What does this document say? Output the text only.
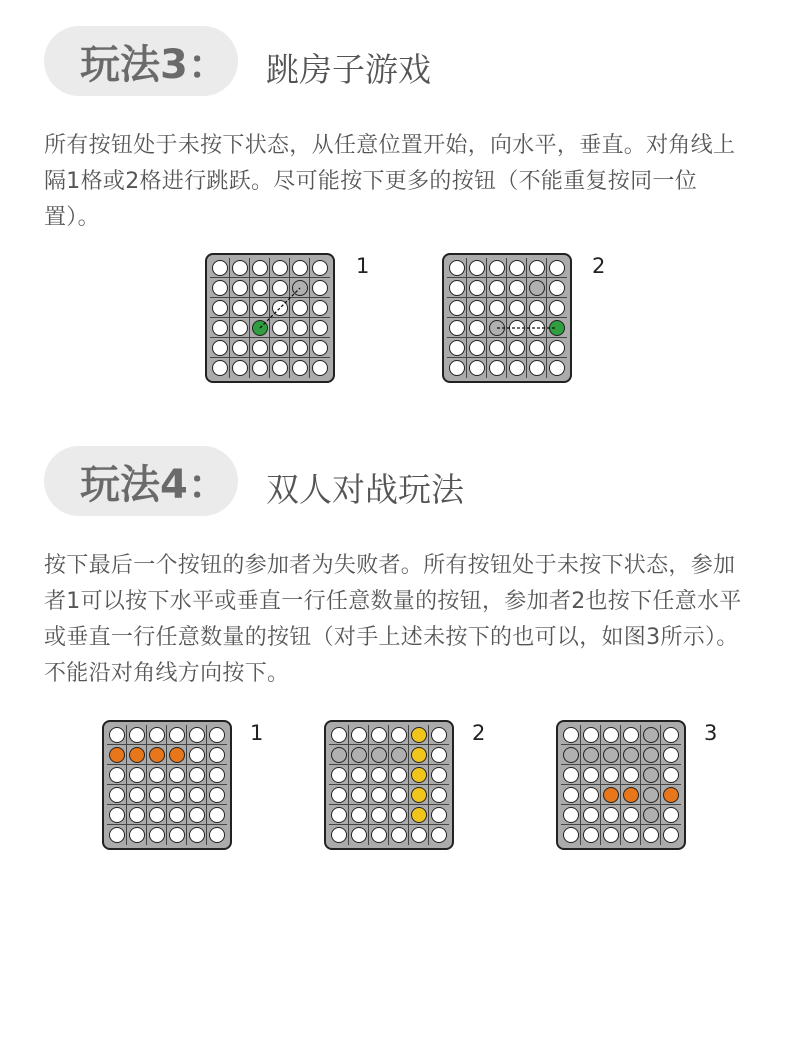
玩法3：	跳房子游戏

所有按钮处于未按下状态，从任意位置开始，向水平，垂直。对角线上隔1格或2格进行跳跃。尽可能按下更多的按钮（不能重复按同一位置）。

1	2
玩法4：	双人对战玩法

按下最后一个按钮的参加者为失败者。所有按钮处于未按下状态，参加者1可以按下水平或垂直一行任意数量的按钮，参加者2也按下任意水平或垂直一行任意数量的按钮（对手上述未按下的也可以，如图3所示）。不能沿对角线方向按下。

1	2	3
